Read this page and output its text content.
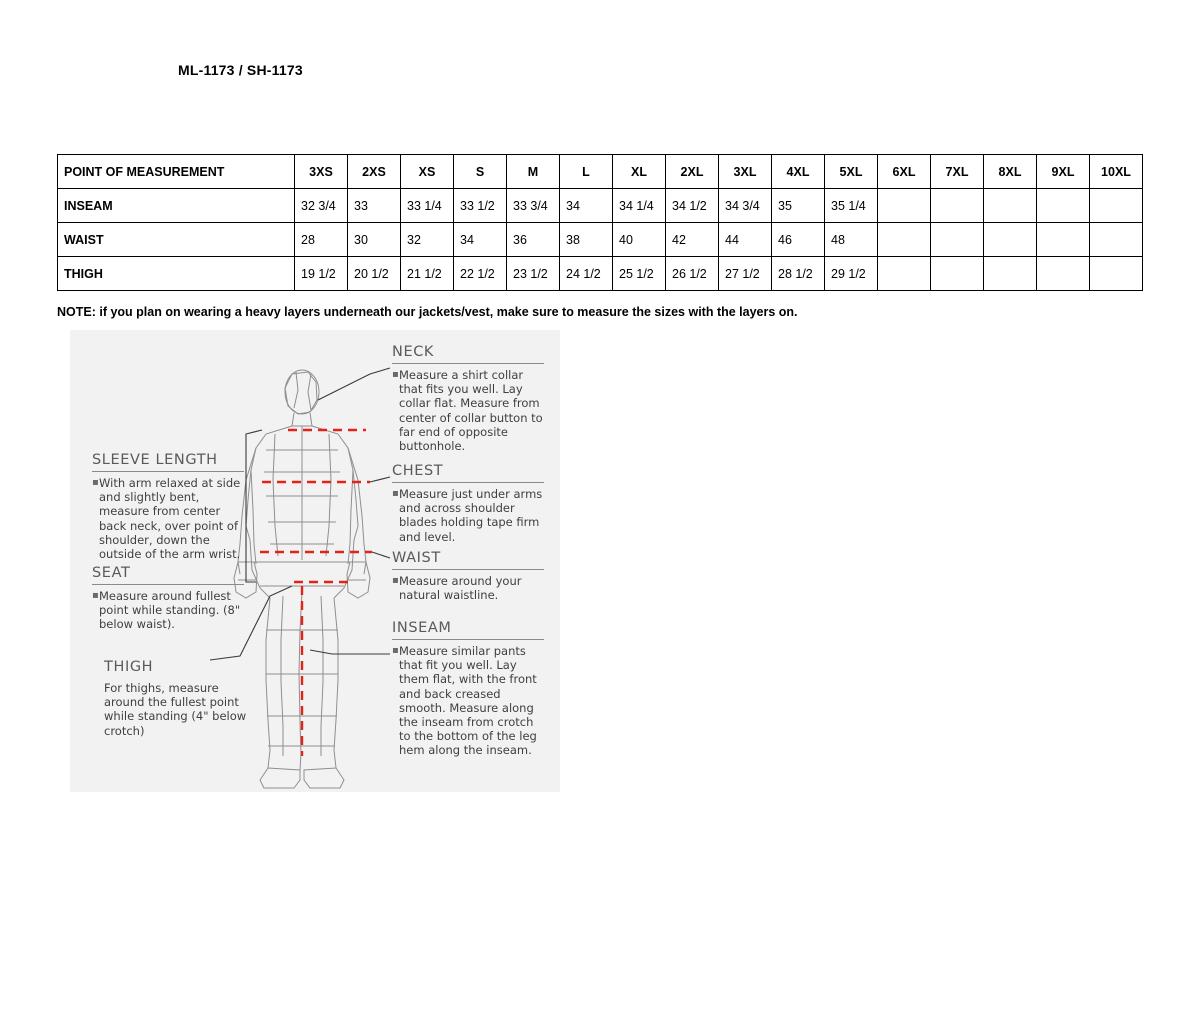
ML-1173 / SH-1173
POINT OF MEASUREMENT	3XS	2XS	XS	S	M	L	XL	2XL	3XL	4XL	5XL	6XL	7XL	8XL	9XL	10XL
INSEAM	32 3/4	33	33 1/4	33 1/2	33 3/4	34	34 1/4	34 1/2	34 3/4	35	35 1/4					
WAIST	28	30	32	34	36	38	40	42	44	46	48					
THIGH	19 1/2	20 1/2	21 1/2	22 1/2	23 1/2	24 1/2	25 1/2	26 1/2	27 1/2	28 1/2	29 1/2					
NOTE: if you plan on wearing a heavy layers underneath our jackets/vest, make sure to measure the sizes with the layers on.
NECK
▪Measure a shirt collar that fits you well. Lay collar flat. Measure from center of collar button to far end of opposite buttonhole.
CHEST
▪Measure just under arms and across shoulder blades holding tape firm and level.
WAIST
▪Measure around your natural waistline.
INSEAM
▪Measure similar pants that fit you well. Lay them flat, with the front and back creased smooth. Measure along the inseam from crotch to the bottom of the leg hem along the inseam.
SLEEVE LENGTH
▪With arm relaxed at side and slightly bent, measure from center back neck, over point of shoulder, down the outside of the arm wrist.
SEAT
▪Measure around fullest point while standing. (8" below waist).
THIGH
For thighs, measure around the fullest point while standing (4" below crotch)
